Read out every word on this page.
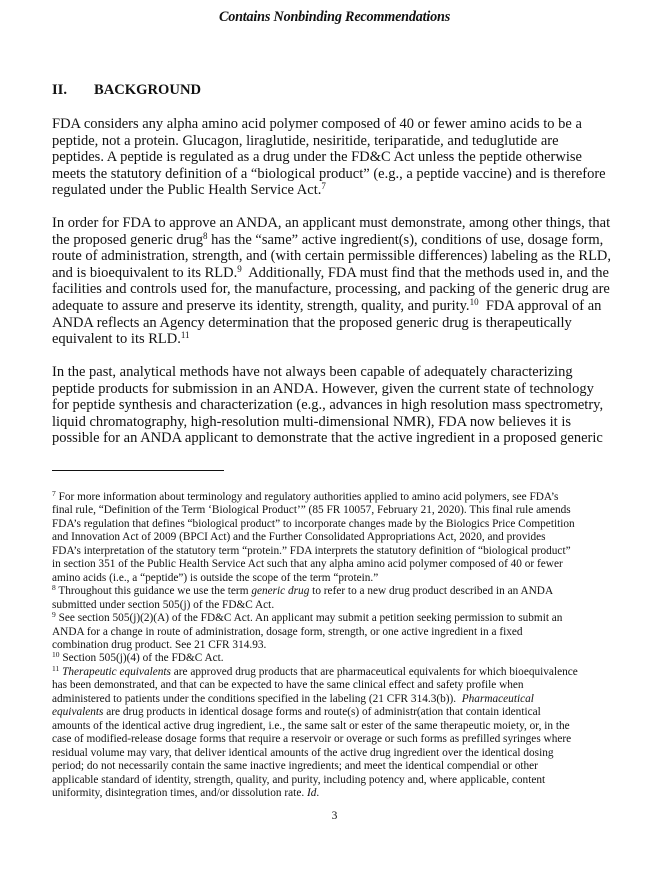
Contains Nonbinding Recommendations
II. BACKGROUND
FDA considers any alpha amino acid polymer composed of 40 or fewer amino acids to be a
peptide, not a protein. Glucagon, liraglutide, nesiritide, teriparatide, and teduglutide are
peptides. A peptide is regulated as a drug under the FD&C Act unless the peptide otherwise
meets the statutory definition of a “biological product” (e.g., a peptide vaccine) and is therefore
regulated under the Public Health Service Act.$^7$
In order for FDA to approve an ANDA, an applicant must demonstrate, among other things, that
the proposed generic drug$^8$ has the “same” active ingredient(s), conditions of use, dosage form,
route of administration, strength, and (with certain permissible differences) labeling as the RLD,
and is bioequivalent to its RLD.$^9$  Additionally, FDA must find that the methods used in, and the
facilities and controls used for, the manufacture, processing, and packing of the generic drug are
adequate to assure and preserve its identity, strength, quality, and purity.$^{10}$  FDA approval of an
ANDA reflects an Agency determination that the proposed generic drug is therapeutically
equivalent to its RLD.$^{11}$
In the past, analytical methods have not always been capable of adequately characterizing
peptide products for submission in an ANDA. However, given the current state of technology
for peptide synthesis and characterization (e.g., advances in high resolution mass spectrometry,
liquid chromatography, high-resolution multi-dimensional NMR), FDA now believes it is
possible for an ANDA applicant to demonstrate that the active ingredient in a proposed generic
$^7$ For more information about terminology and regulatory authorities applied to amino acid polymers, see FDA’s
final rule, “Definition of the Term ‘Biological Product’” (85 FR 10057, February 21, 2020). This final rule amends
FDA’s regulation that defines “biological product” to incorporate changes made by the Biologics Price Competition
and Innovation Act of 2009 (BPCI Act) and the Further Consolidated Appropriations Act, 2020, and provides
FDA’s interpretation of the statutory term “protein.” FDA interprets the statutory definition of “biological product”
in section 351 of the Public Health Service Act such that any alpha amino acid polymer composed of 40 or fewer
amino acids (i.e., a “peptide”) is outside the scope of the term “protein.”
$^8$ Throughout this guidance we use the term generic drug to refer to a new drug product described in an ANDA
submitted under section 505(j) of the FD&C Act.
$^9$ See section 505(j)(2)(A) of the FD&C Act. An applicant may submit a petition seeking permission to submit an
ANDA for a change in route of administration, dosage form, strength, or one active ingredient in a fixed
combination drug product. See 21 CFR 314.93.
$^{10}$ Section 505(j)(4) of the FD&C Act.
$^{11}$ Therapeutic equivalents are approved drug products that are pharmaceutical equivalents for which bioequivalence
has been demonstrated, and that can be expected to have the same clinical effect and safety profile when
administered to patients under the conditions specified in the labeling (21 CFR 314.3(b)).  Pharmaceutical
equivalents are drug products in identical dosage forms and route(s) of administr(ation that contain identical
amounts of the identical active drug ingredient, i.e., the same salt or ester of the same therapeutic moiety, or, in the
case of modified-release dosage forms that require a reservoir or overage or such forms as prefilled syringes where
residual volume may vary, that deliver identical amounts of the active drug ingredient over the identical dosing
period; do not necessarily contain the same inactive ingredients; and meet the identical compendial or other
applicable standard of identity, strength, quality, and purity, including potency and, where applicable, content
uniformity, disintegration times, and/or dissolution rate. Id.
3
